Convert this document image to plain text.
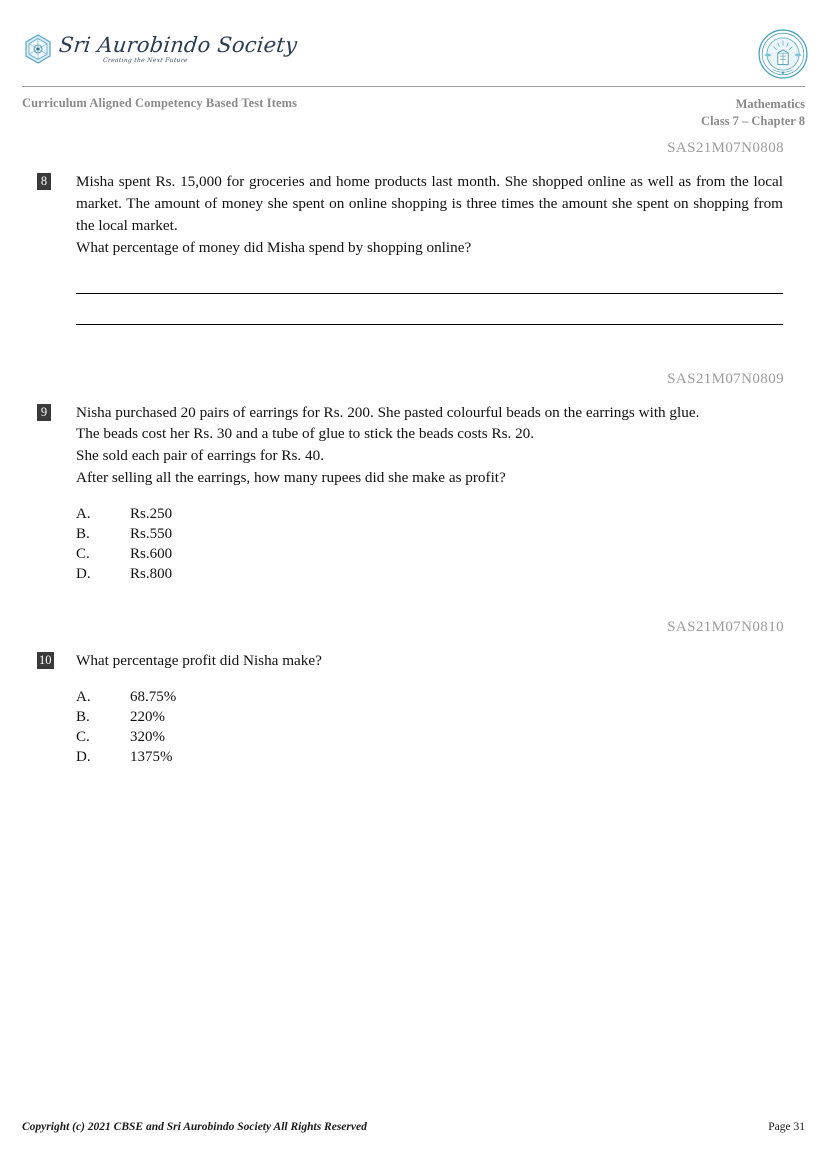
Sri Aurobindo Society
Creating the Next Future
Curriculum Aligned Competency Based Test Items	Mathematics
Class 7 – Chapter 8
SAS21M07N0808
8 Misha spent Rs. 15,000 for groceries and home products last month. She shopped online as well as from the local market. The amount of money she spent on online shopping is three times the amount she spent on shopping from the local market.
What percentage of money did Misha spend by shopping online?
SAS21M07N0809
9 Nisha purchased 20 pairs of earrings for Rs. 200. She pasted colourful beads on the earrings with glue.
The beads cost her Rs. 30 and a tube of glue to stick the beads costs Rs. 20.
She sold each pair of earrings for Rs. 40.
After selling all the earrings, how many rupees did she make as profit?
A.	Rs.250
B.	Rs.550
C.	Rs.600
D.	Rs.800
SAS21M07N0810
10 What percentage profit did Nisha make?
A.	68.75%
B.	220%
C.	320%
D.	1375%
Copyright (c) 2021 CBSE and Sri Aurobindo Society All Rights Reserved	Page 31
